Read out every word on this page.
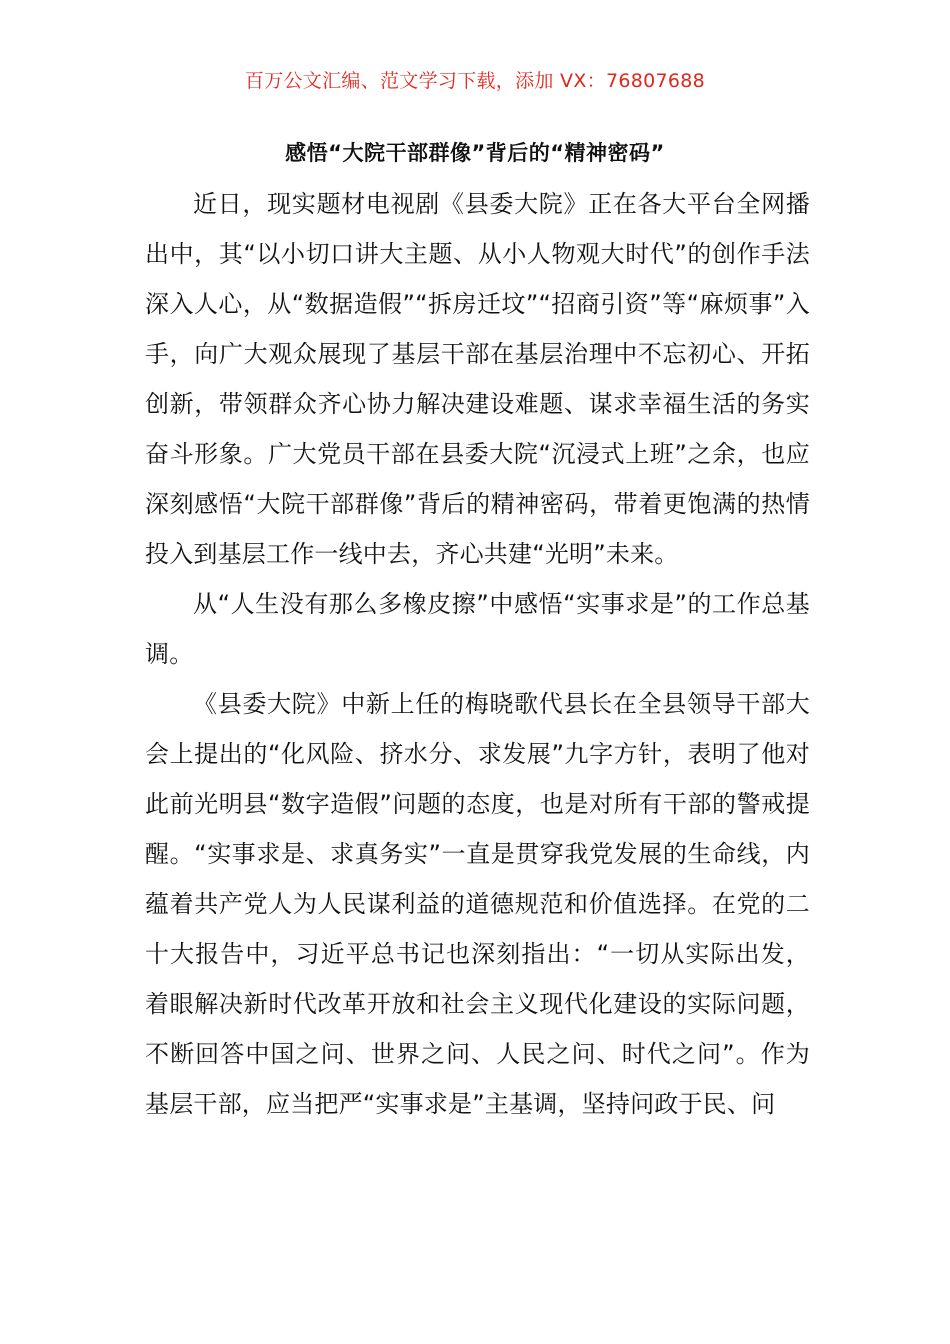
百万公文汇编、范文学习下载，添加 VX：76807688
感悟“大院干部群像”背后的“精神密码”

近日，现实题材电视剧《县委大院》正在各大平台全网播出中，其“以小切口讲大主题、从小人物观大时代”的创作手法深入人心，从“数据造假”“拆房迁坟”“招商引资”等“麻烦事”入手，向广大观众展现了基层干部在基层治理中不忘初心、开拓创新，带领群众齐心协力解决建设难题、谋求幸福生活的务实奋斗形象。广大党员干部在县委大院“沉浸式上班”之余，也应深刻感悟“大院干部群像”背后的精神密码，带着更饱满的热情投入到基层工作一线中去，齐心共建“光明”未来。

从“人生没有那么多橡皮擦”中感悟“实事求是”的工作总基调。

《县委大院》中新上任的梅晓歌代县长在全县领导干部大会上提出的“化风险、挤水分、求发展”九字方针，表明了他对此前光明县“数字造假”问题的态度，也是对所有干部的警戒提醒。“实事求是、求真务实”一直是贯穿我党发展的生命线，内蕴着共产党人为人民谋利益的道德规范和价值选择。在党的二十大报告中，习近平总书记也深刻指出：“一切从实际出发，着眼解决新时代改革开放和社会主义现代化建设的实际问题，不断回答中国之问、世界之问、人民之问、时代之问”。作为基层干部，应当把严“实事求是”主基调，坚持问政于民、问
